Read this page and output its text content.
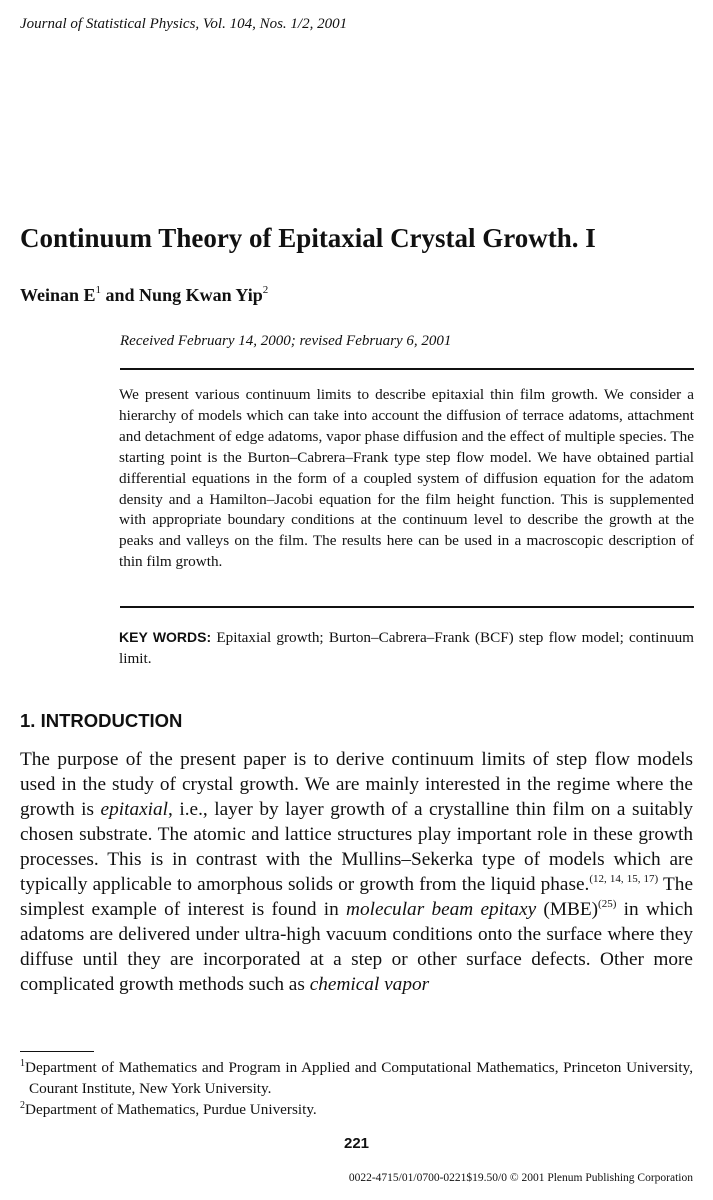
Journal of Statistical Physics, Vol. 104, Nos. 1/2, 2001
Continuum Theory of Epitaxial Crystal Growth. I
Weinan $E^1$ and Nung Kwan Yip$^2$
Received February 14, 2000; revised February 6, 2001
We present various continuum limits to describe epitaxial thin film growth. We consider a hierarchy of models which can take into account the diffusion of terrace adatoms, attachment and detachment of edge adatoms, vapor phase diffusion and the effect of multiple species. The starting point is the Burton–Cabrera–Frank type step flow model. We have obtained partial differential equations in the form of a coupled system of diffusion equation for the adatom density and a Hamilton–Jacobi equation for the film height function. This is supplemented with appropriate boundary conditions at the continuum level to describe the growth at the peaks and valleys on the film. The results here can be used in a macroscopic description of thin film growth.
KEY WORDS: Epitaxial growth; Burton–Cabrera–Frank (BCF) step flow model; continuum limit.
1. INTRODUCTION
The purpose of the present paper is to derive continuum limits of step flow models used in the study of crystal growth. We are mainly interested in the regime where the growth is epitaxial, i.e., layer by layer growth of a crystalline thin film on a suitably chosen substrate. The atomic and lattice structures play important role in these growth processes. This is in contrast with the Mullins–Sekerka type of models which are typically applicable to amorphous solids or growth from the liquid phase.$^{(12, 14, 15, 17)}$ The simplest example of interest is found in molecular beam epitaxy (MBE)$^{(25)}$ in which adatoms are delivered under ultra-high vacuum conditions onto the surface where they diffuse until they are incorporated at a step or other surface defects. Other more complicated growth methods such as chemical vapor
$^1$Department of Mathematics and Program in Applied and Computational Mathematics, Princeton University, Courant Institute, New York University.
$^2$Department of Mathematics, Purdue University.
221
0022-4715/01/0700-0221$19.50/0 © 2001 Plenum Publishing Corporation
